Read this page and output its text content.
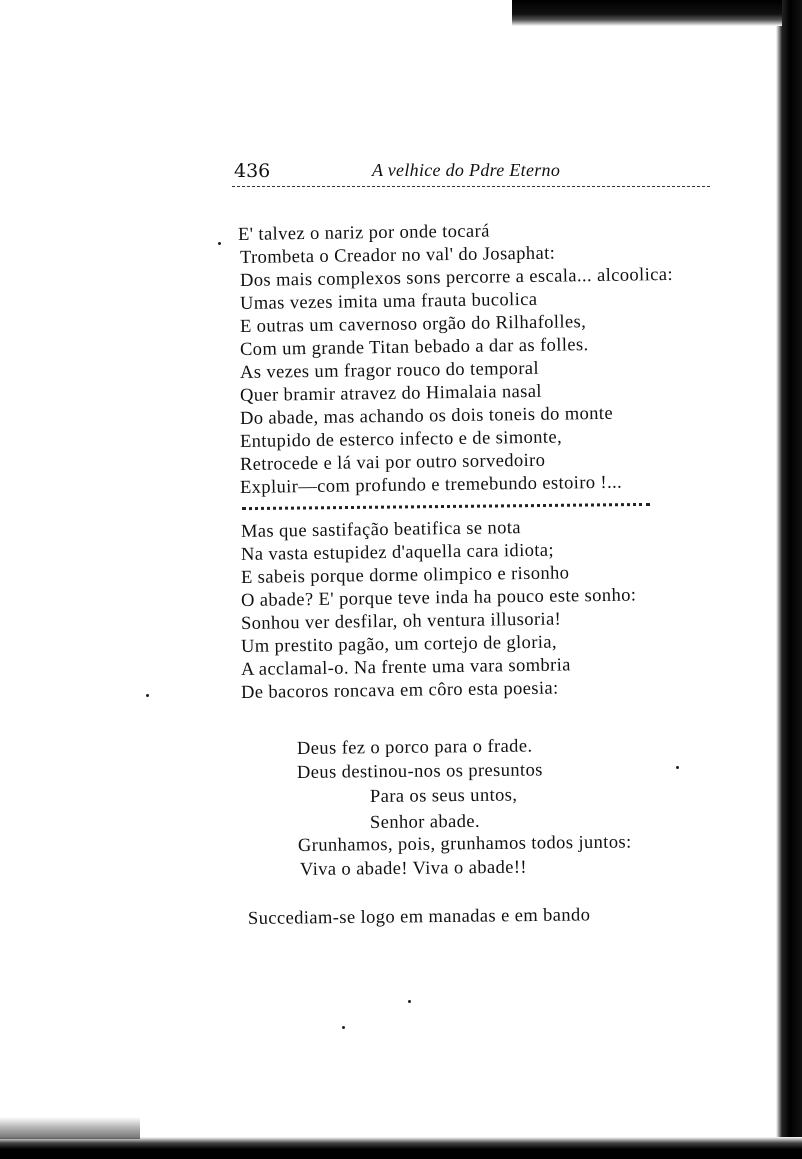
436	A velhice do Pdre Eterno
E' talvez o nariz por onde tocará
Trombeta o Creador no val' do Josaphat:
Dos mais complexos sons percorre a escala... alcoolica:
Umas vezes imita uma frauta bucolica
E outras um cavernoso orgão do Rilhafolles,
Com um grande Titan bebado a dar as folles.
As vezes um fragor rouco do temporal
Quer bramir atravez do Himalaia nasal
Do abade, mas achando os dois toneis do monte
Entupido de esterco infecto e de simonte,
Retrocede e lá vai por outro sorvedoiro
Expluir—com profundo e tremebundo estoiro !...
Mas que sastifação beatifica se nota
Na vasta estupidez d'aquella cara idiota;
E sabeis porque dorme olimpico e risonho
O abade? E' porque teve inda ha pouco este sonho:
Sonhou ver desfilar, oh ventura illusoria!
Um prestito pagão, um cortejo de gloria,
A acclamal-o. Na frente uma vara sombria
De bacoros roncava em côro esta poesia:
Deus fez o porco para o frade.
Deus destinou-nos os presuntos
Para os seus untos,
Senhor abade.
Grunhamos, pois, grunhamos todos juntos:
Viva o abade! Viva o abade!!
Succediam-se logo em manadas e em bando
